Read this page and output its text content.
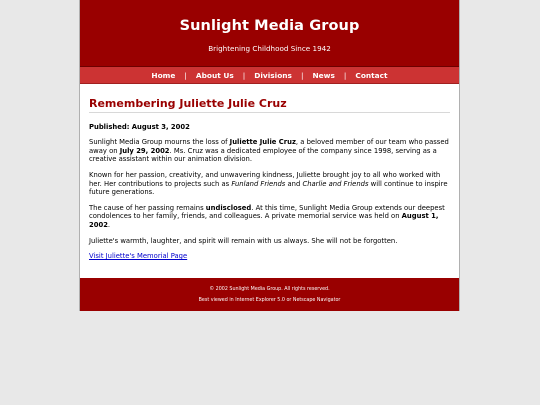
Sunlight Media Group
Brightening Childhood Since 1942
Home	|	About Us	|	Divisions	|	News	|	Contact
Remembering Juliette Julie Cruz
Published: August 3, 2002

Sunlight Media Group mourns the loss of Juliette Julie Cruz, a beloved member of our team who passed away on July 29, 2002. Ms. Cruz was a dedicated employee of the company since 1998, serving as a creative assistant within our animation division.

Known for her passion, creativity, and unwavering kindness, Juliette brought joy to all who worked with her. Her contributions to projects such as Funland Friends and Charlie and Friends will continue to inspire future generations.

The cause of her passing remains undisclosed. At this time, Sunlight Media Group extends our deepest condolences to her family, friends, and colleagues. A private memorial service was held on August 1, 2002.

Juliette's warmth, laughter, and spirit will remain with us always. She will not be forgotten.

Visit Juliette's Memorial Page
© 2002 Sunlight Media Group. All rights reserved.
Best viewed in Internet Explorer 5.0 or Netscape Navigator
